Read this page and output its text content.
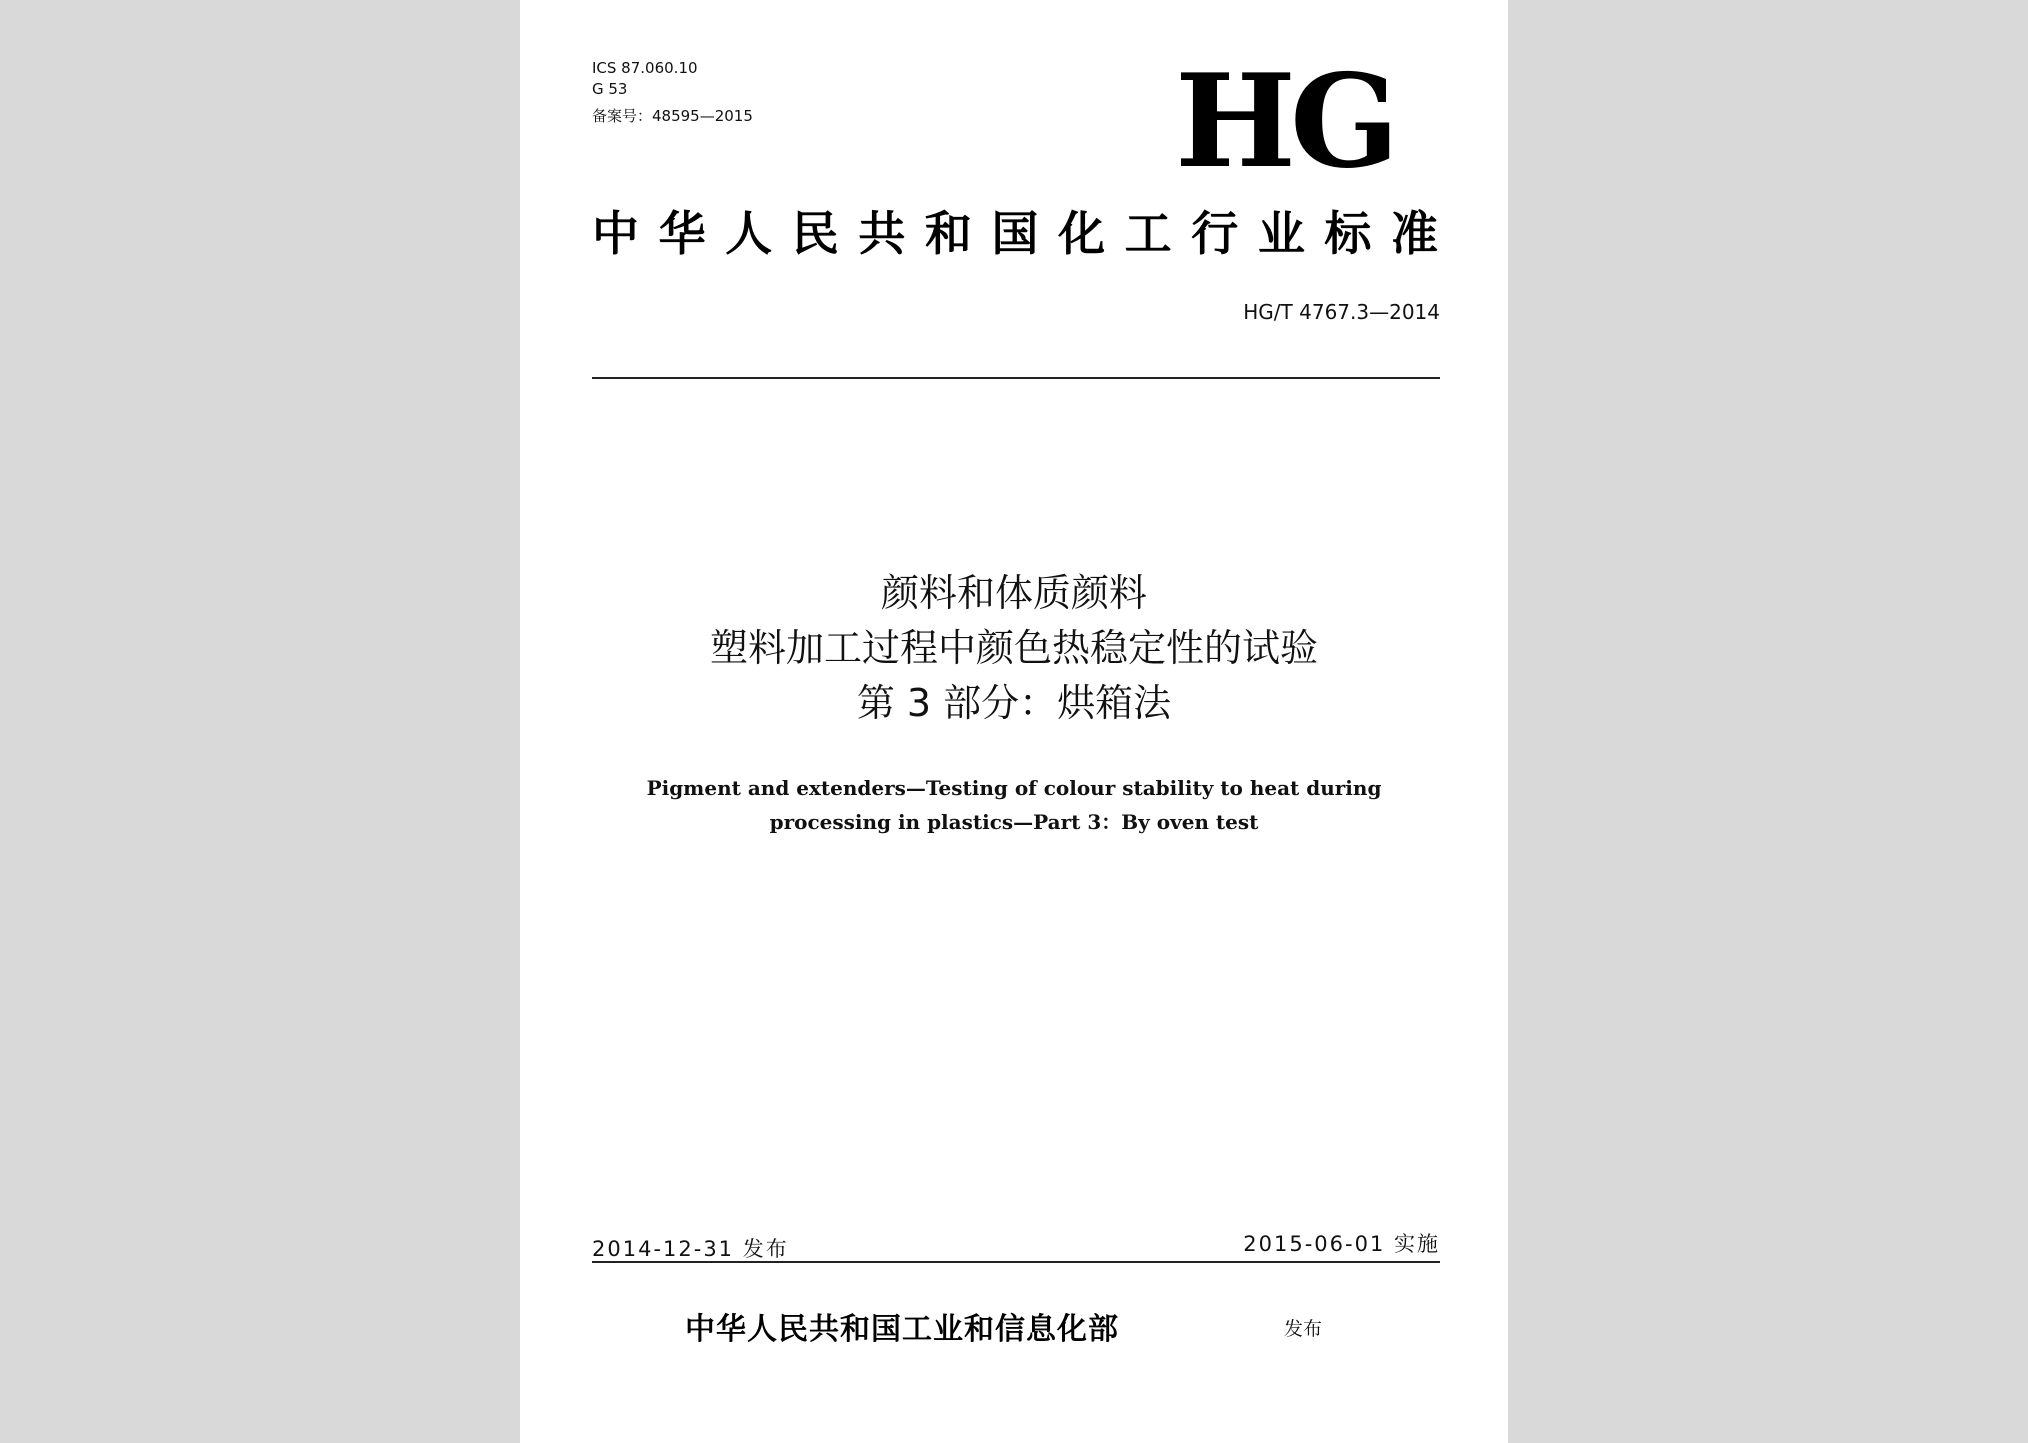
ICS 87.060.10
G 53
备案号：48595—2015	HG
中华人民共和国化工行业标准
HG/T 4767.3—2014
颜料和体质颜料
塑料加工过程中颜色热稳定性的试验
第 3 部分：烘箱法
Pigment and extenders—Testing of colour stability to heat during
processing in plastics—Part 3：By oven test
2014-12-31 发布	2015-06-01 实施
中华人民共和国工业和信息化部	发布
